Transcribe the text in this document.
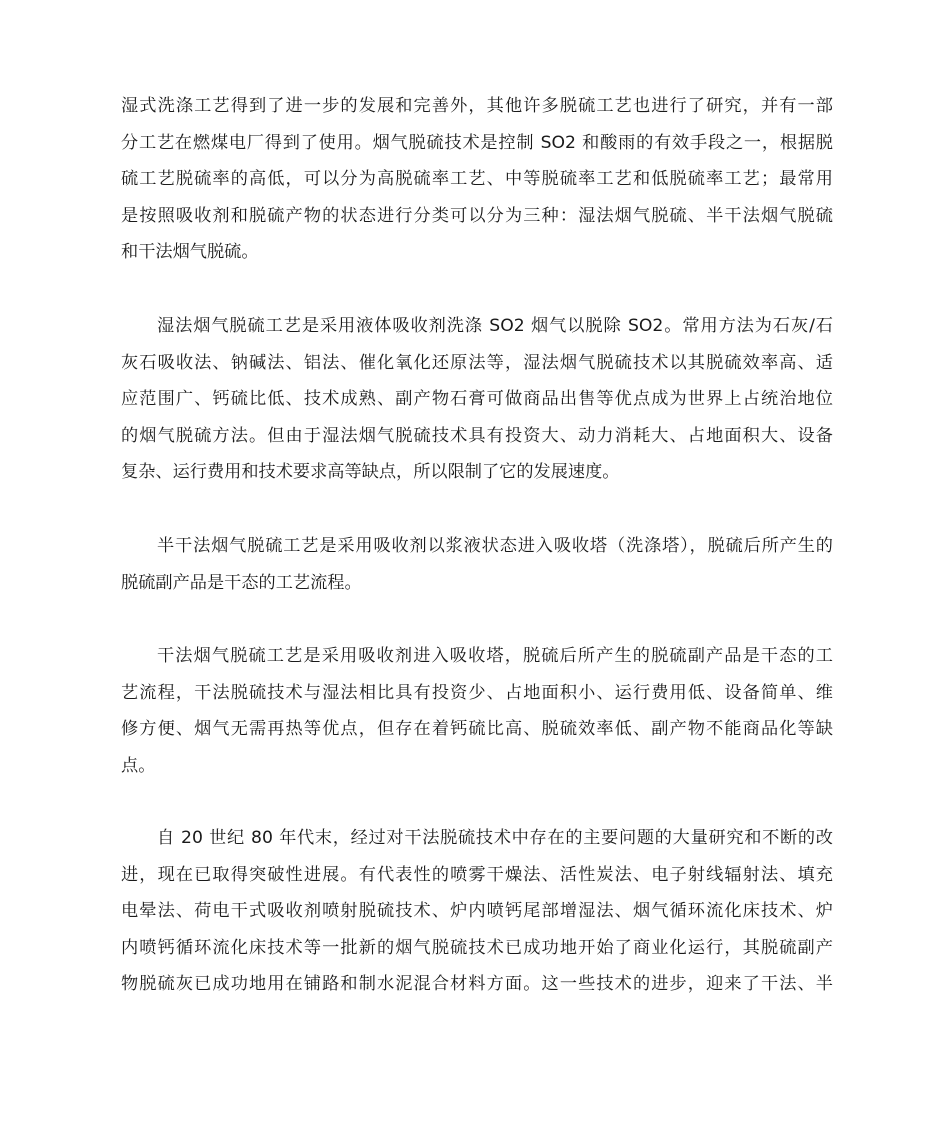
湿式洗涤工艺得到了进一步的发展和完善外，其他许多脱硫工艺也进行了研究，并有一部
分工艺在燃煤电厂得到了使用。烟气脱硫技术是控制 SO2 和酸雨的有效手段之一，根据脱
硫工艺脱硫率的高低，可以分为高脱硫率工艺、中等脱硫率工艺和低脱硫率工艺；最常用
是按照吸收剂和脱硫产物的状态进行分类可以分为三种：湿法烟气脱硫、半干法烟气脱硫
和干法烟气脱硫。
湿法烟气脱硫工艺是采用液体吸收剂洗涤 SO2 烟气以脱除 SO2。常用方法为石灰/石
灰石吸收法、钠碱法、铝法、催化氧化还原法等，湿法烟气脱硫技术以其脱硫效率高、适
应范围广、钙硫比低、技术成熟、副产物石膏可做商品出售等优点成为世界上占统治地位
的烟气脱硫方法。但由于湿法烟气脱硫技术具有投资大、动力消耗大、占地面积大、设备
复杂、运行费用和技术要求高等缺点，所以限制了它的发展速度。
半干法烟气脱硫工艺是采用吸收剂以浆液状态进入吸收塔（洗涤塔），脱硫后所产生的
脱硫副产品是干态的工艺流程。
干法烟气脱硫工艺是采用吸收剂进入吸收塔，脱硫后所产生的脱硫副产品是干态的工
艺流程，干法脱硫技术与湿法相比具有投资少、占地面积小、运行费用低、设备简单、维
修方便、烟气无需再热等优点，但存在着钙硫比高、脱硫效率低、副产物不能商品化等缺
点。
自 20 世纪 80 年代末，经过对干法脱硫技术中存在的主要问题的大量研究和不断的改
进，现在已取得突破性进展。有代表性的喷雾干燥法、活性炭法、电子射线辐射法、填充
电晕法、荷电干式吸收剂喷射脱硫技术、炉内喷钙尾部增湿法、烟气循环流化床技术、炉
内喷钙循环流化床技术等一批新的烟气脱硫技术已成功地开始了商业化运行，其脱硫副产
物脱硫灰已成功地用在铺路和制水泥混合材料方面。这一些技术的进步，迎来了干法、半
